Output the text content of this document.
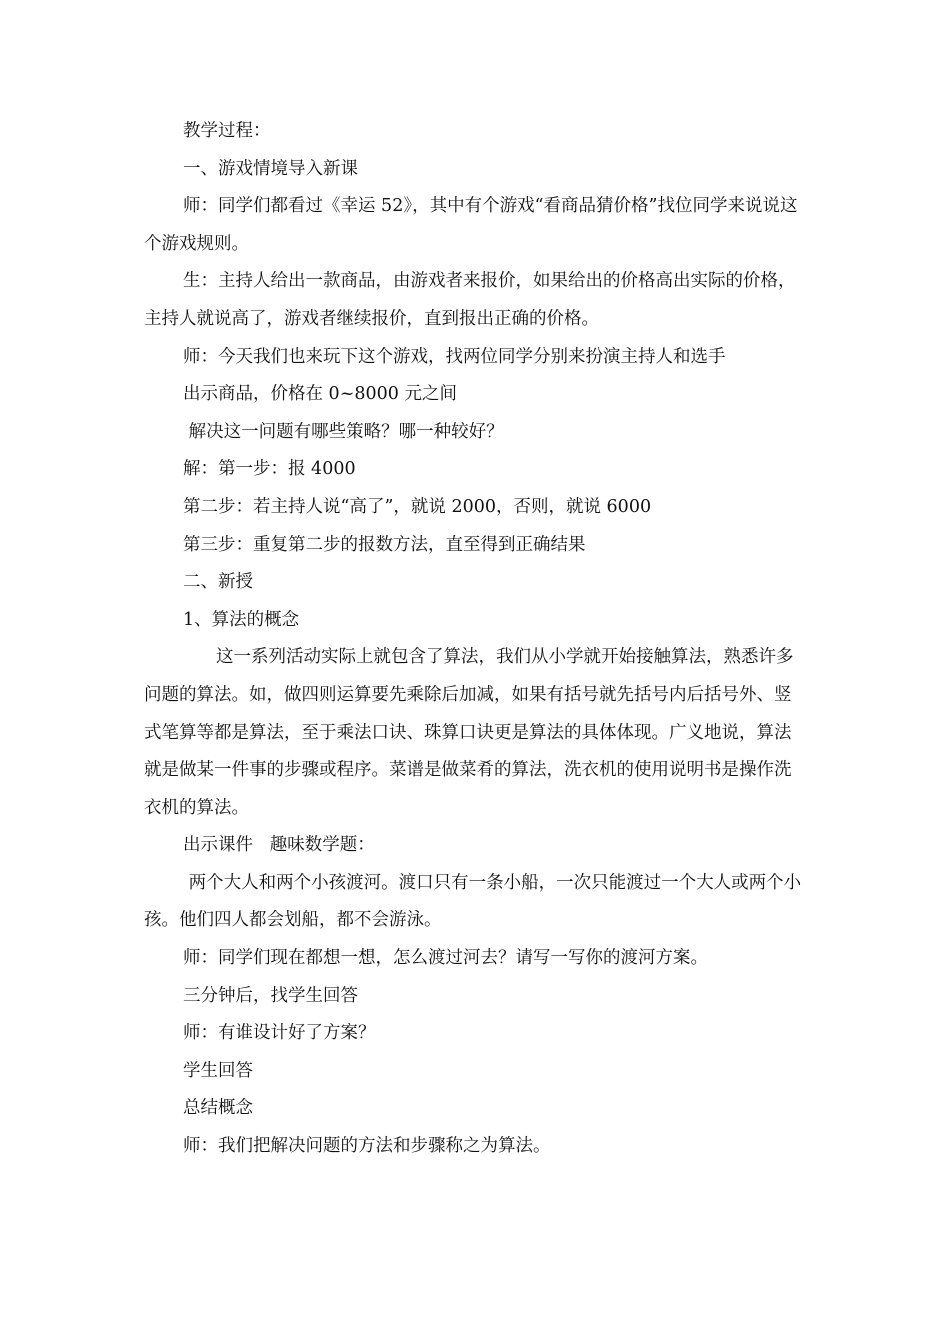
教学过程：

一、游戏情境导入新课

师：同学们都看过《幸运 52》，其中有个游戏“看商品猜价格”找位同学来说说这个游戏规则。

生：主持人给出一款商品，由游戏者来报价，如果给出的价格高出实际的价格，主持人就说高了，游戏者继续报价，直到报出正确的价格。

师：今天我们也来玩下这个游戏，找两位同学分别来扮演主持人和选手

出示商品，价格在 0~8000 元之间

解决这一问题有哪些策略？哪一种较好？

解：第一步：报 4000

第二步：若主持人说“高了”，就说 2000，否则，就说 6000

第三步：重复第二步的报数方法，直至得到正确结果

二、新授

1、算法的概念

这一系列活动实际上就包含了算法，我们从小学就开始接触算法，熟悉许多问题的算法。如，做四则运算要先乘除后加减，如果有括号就先括号内后括号外、竖式笔算等都是算法，至于乘法口诀、珠算口诀更是算法的具体体现。广义地说，算法就是做某一件事的步骤或程序。菜谱是做菜肴的算法，洗衣机的使用说明书是操作洗衣机的算法。

出示课件   趣味数学题：

两个大人和两个小孩渡河。渡口只有一条小船，一次只能渡过一个大人或两个小孩。他们四人都会划船，都不会游泳。

师：同学们现在都想一想，怎么渡过河去？请写一写你的渡河方案。

三分钟后，找学生回答

师：有谁设计好了方案？

学生回答

总结概念

师：我们把解决问题的方法和步骤称之为算法。
